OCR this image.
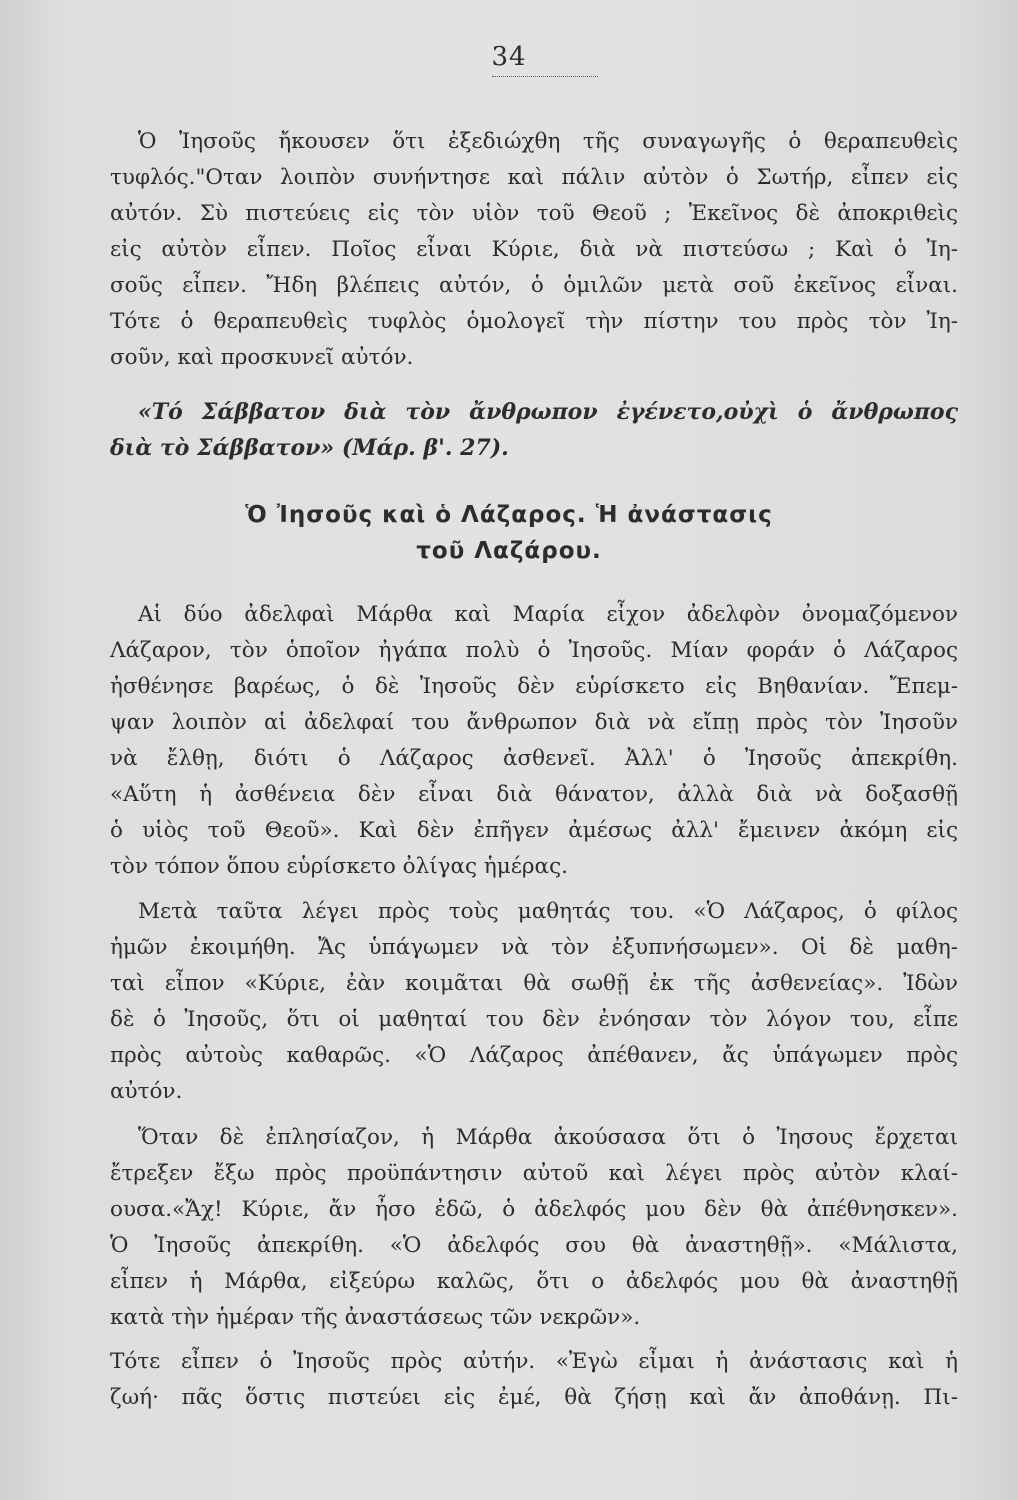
34
Ὁ Ἰησοῦς ἤκουσεν ὅτι ἐξεδιώχθη τῆς συναγωγῆς ὁ θεραπευθεὶς
τυφλός."Οταν λοιπὸν συνήντησε καὶ πάλιν αὐτὸν ὁ Σωτήρ, εἶπεν εἰς
αὐτόν. Σὺ πιστεύεις εἰς τὸν υἱὸν τοῦ Θεοῦ ; Ἐκεῖνος δὲ ἀποκριθεὶς
εἰς αὐτὸν εἶπεν. Ποῖος εἶναι Κύριε, διὰ νὰ πιστεύσω ; Καὶ ὁ Ἰη-
σοῦς εἶπεν. Ἤδη βλέπεις αὐτόν, ὁ ὁμιλῶν μετὰ σοῦ ἐκεῖνος εἶναι.
Τότε ὁ θεραπευθεὶς τυφλὸς ὁμολογεῖ τὴν πίστην του πρὸς τὸν Ἰη-
σοῦν, καὶ προσκυνεῖ αὐτόν.
«Τό Σάββατον διὰ τὸν ἄνθρωπον ἐγένετο,οὐχὶ ὁ ἄνθρωπος
διὰ τὸ Σάββατον» (Μάρ. β'. 27).
Ὁ Ἰησοῦς καὶ ὁ Λάζαρος. Ἡ ἀνάστασις
τοῦ Λαζάρου.
Αἱ δύο ἀδελφαὶ Μάρθα καὶ Μαρία εἶχον ἀδελφὸν ὀνομαζόμενον
Λάζαρον, τὸν ὁποῖον ἠγάπα πολὺ ὁ Ἰησοῦς. Μίαν φοράν ὁ Λάζαρος
ἠσθένησε βαρέως, ὁ δὲ Ἰησοῦς δὲν εὑρίσκετο εἰς Βηθανίαν. Ἔπεμ-
ψαν λοιπὸν αἱ ἀδελφαί του ἄνθρωπον διὰ νὰ εἴπῃ πρὸς τὸν Ἰησοῦν
νὰ ἔλθῃ, διότι ὁ Λάζαρος ἀσθενεῖ. Ἀλλ' ὁ Ἰησοῦς ἀπεκρίθη.
«Αὕτη ἡ ἀσθένεια δὲν εἶναι διὰ θάνατον, ἀλλὰ διὰ νὰ δοξασθῇ
ὁ υἱὸς τοῦ Θεοῦ». Καὶ δὲν ἐπῆγεν ἀμέσως ἀλλ' ἔμεινεν ἀκόμη εἰς
τὸν τόπον ὅπου εὑρίσκετο ὀλίγας ἡμέρας.
Μετὰ ταῦτα λέγει πρὸς τοὺς μαθητάς του. «Ὁ Λάζαρος, ὁ φίλος
ἡμῶν ἐκοιμήθη. Ἄς ὑπάγωμεν νὰ τὸν ἐξυπνήσωμεν». Οἱ δὲ μαθη-
ταὶ εἶπον «Κύριε, ἐὰν κοιμᾶται θὰ σωθῇ ἐκ τῆς ἀσθενείας». Ἰδὼν
δὲ ὁ Ἰησοῦς, ὅτι οἱ μαθηταί του δὲν ἐνόησαν τὸν λόγον του, εἶπε
πρὸς αὐτοὺς καθαρῶς. «Ὁ Λάζαρος ἀπέθανεν, ἄς ὑπάγωμεν πρὸς
αὐτόν.
Ὅταν δὲ ἐπλησίαζον, ἡ Μάρθα ἀκούσασα ὅτι ὁ Ἰησους ἔρχεται
ἔτρεξεν ἔξω πρὸς προϋπάντησιν αὐτοῦ καὶ λέγει πρὸς αὐτὸν κλαί-
ουσα.«Ἄχ! Κύριε, ἄν ἦσο ἐδῶ, ὁ ἀδελφός μου δὲν θὰ ἀπέθνησκεν».
Ὁ Ἰησοῦς ἀπεκρίθη. «Ὁ ἀδελφός σου θὰ ἀναστηθῇ». «Μάλιστα,
εἶπεν ἡ Μάρθα, εἰξεύρω καλῶς, ὅτι ο ἀδελφός μου θὰ ἀναστηθῇ
κατὰ τὴν ἡμέραν τῆς ἀναστάσεως τῶν νεκρῶν».
Τότε εἶπεν ὁ Ἰησοῦς πρὸς αὐτήν. «Ἐγὼ εἶμαι ἡ ἀνάστασις καὶ ἡ
ζωή· πᾶς ὅστις πιστεύει εἰς ἐμέ, θὰ ζήσῃ καὶ ἄν ἀποθάνῃ. Πι-
